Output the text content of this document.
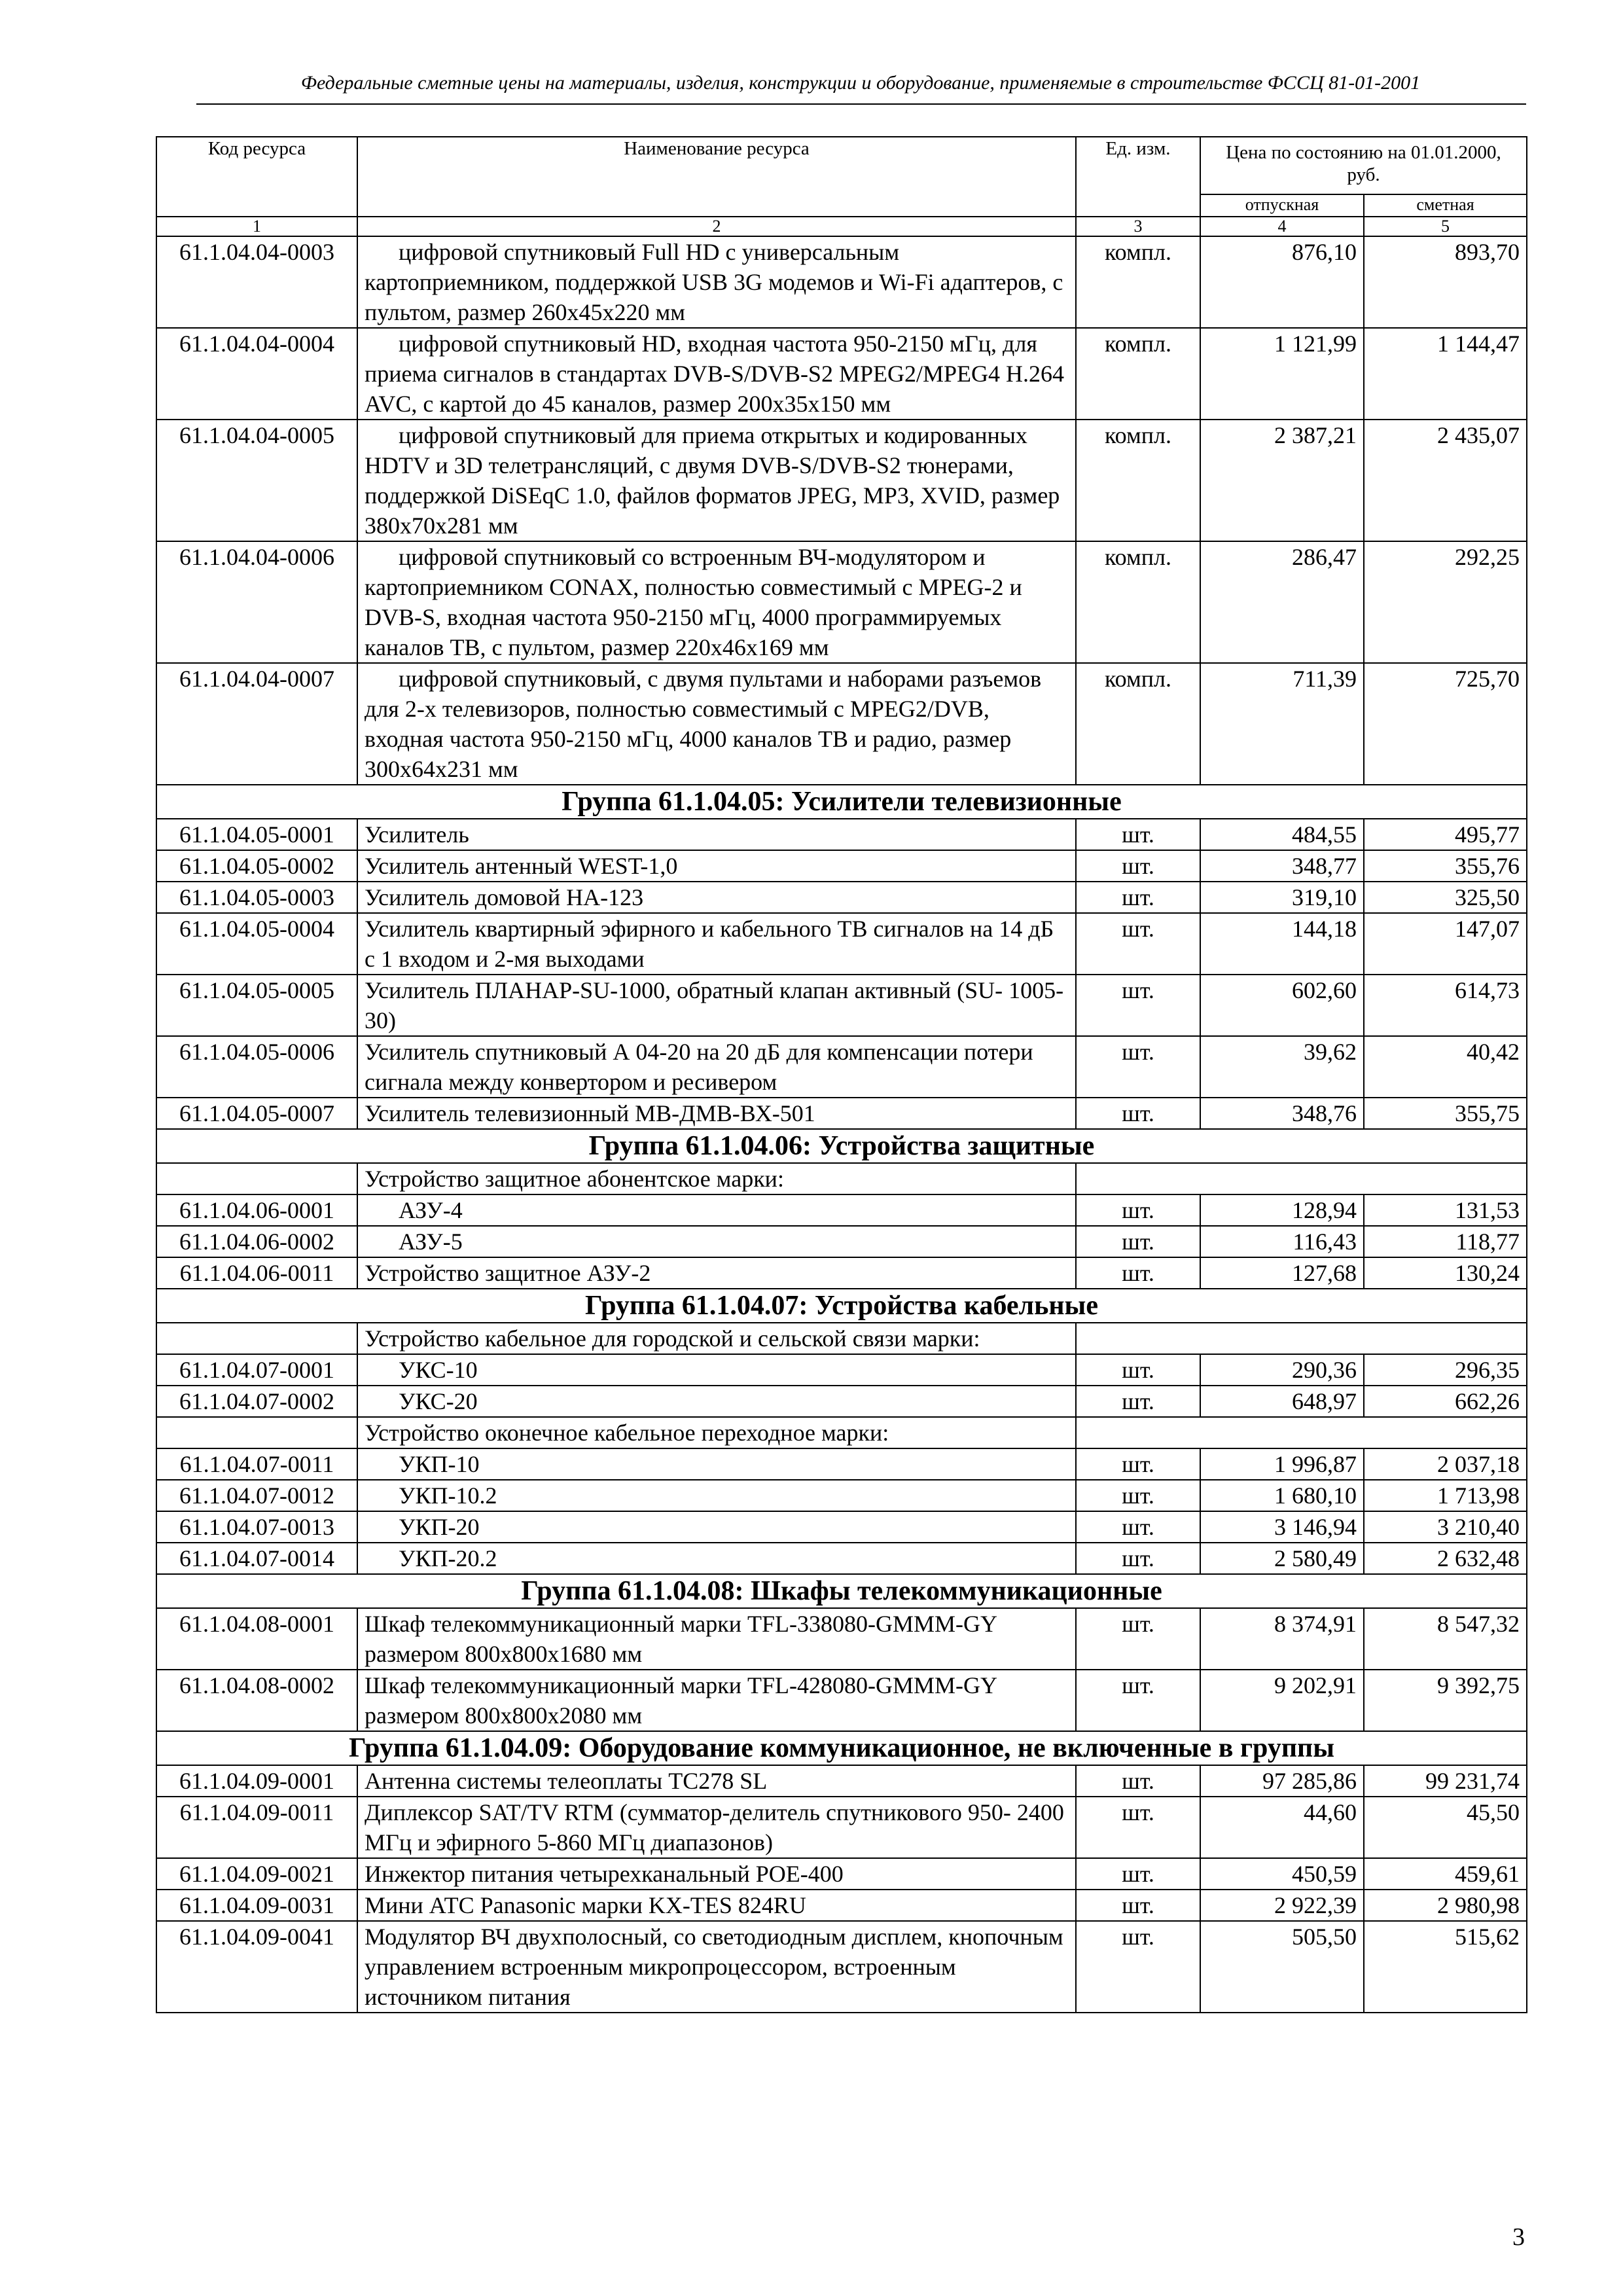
Федеральные сметные цены на материалы, изделия, конструкции и оборудование, применяемые в строительстве ФССЦ 81-01-2001
Код ресурса	Наименование ресурса	Ед. изм.	Цена по состоянию на 01.01.2000, руб.	
			отпускная	сметная
1	2	3	4	5
61.1.04.04-0003	цифровой спутниковый Full HD с универсальным картоприемником, поддержкой USB 3G модемов и Wi-Fi адаптеров, с пультом, размер 260х45х220 мм	компл.	876,10	893,70
61.1.04.04-0004	цифровой спутниковый HD, входная частота 950-2150 мГц, для приема сигналов в стандартах DVB-S/DVB-S2 MPEG2/MPEG4 H.264 AVC, с картой до 45 каналов, размер 200х35х150 мм	компл.	1 121,99	1 144,47
61.1.04.04-0005	цифровой спутниковый для приема открытых и кодированных HDTV и 3D телетрансляций, с двумя DVB-S/DVB-S2 тюнерами, поддержкой DiSEqC 1.0, файлов форматов JPEG, MP3, XVID, размер 380х70х281 мм	компл.	2 387,21	2 435,07
61.1.04.04-0006	цифровой спутниковый со встроенным ВЧ-модулятором и картоприемником CONAX, полностью совместимый с MPEG-2 и DVB-S, входная частота 950-2150 мГц, 4000 программируемых каналов ТВ, с пультом, размер 220х46х169 мм	компл.	286,47	292,25
61.1.04.04-0007	цифровой спутниковый, с двумя пультами и наборами разъемов для 2-х телевизоров, полностью совместимый с MPEG2/DVB, входная частота 950-2150 мГц, 4000 каналов ТВ и радио, размер 300х64х231 мм	компл.	711,39	725,70
Группа 61.1.04.05: Усилители телевизионные				
61.1.04.05-0001	Усилитель	шт.	484,55	495,77
61.1.04.05-0002	Усилитель антенный WEST-1,0	шт.	348,77	355,76
61.1.04.05-0003	Усилитель домовой НА-123	шт.	319,10	325,50
61.1.04.05-0004	Усилитель квартирный эфирного и кабельного ТВ сигналов на 14 дБ с 1 входом и 2-мя выходами	шт.	144,18	147,07
61.1.04.05-0005	Усилитель ПЛАНАР-SU-1000, обратный клапан активный (SU- 1005-30)	шт.	602,60	614,73
61.1.04.05-0006	Усилитель спутниковый А 04-20 на 20 дБ для компенсации потери сигнала между конвертором и ресивером	шт.	39,62	40,42
61.1.04.05-0007	Усилитель телевизионный МВ-ДМВ-ВХ-501	шт.	348,76	355,75
Группа 61.1.04.06: Устройства защитные				
	Устройство защитное абонентское марки:			
61.1.04.06-0001	АЗУ-4	шт.	128,94	131,53
61.1.04.06-0002	АЗУ-5	шт.	116,43	118,77
61.1.04.06-0011	Устройство защитное АЗУ-2	шт.	127,68	130,24
Группа 61.1.04.07: Устройства кабельные				
	Устройство кабельное для городской и сельской связи марки:			
61.1.04.07-0001	УКС-10	шт.	290,36	296,35
61.1.04.07-0002	УКС-20	шт.	648,97	662,26
	Устройство оконечное кабельное переходное марки:			
61.1.04.07-0011	УКП-10	шт.	1 996,87	2 037,18
61.1.04.07-0012	УКП-10.2	шт.	1 680,10	1 713,98
61.1.04.07-0013	УКП-20	шт.	3 146,94	3 210,40
61.1.04.07-0014	УКП-20.2	шт.	2 580,49	2 632,48
Группа 61.1.04.08: Шкафы телекоммуникационные				
61.1.04.08-0001	Шкаф телекоммуникационный марки TFL-338080-GMMM-GY размером 800х800х1680 мм	шт.	8 374,91	8 547,32
61.1.04.08-0002	Шкаф телекоммуникационный марки TFL-428080-GMMM-GY размером 800х800х2080 мм	шт.	9 202,91	9 392,75
Группа 61.1.04.09: Оборудование коммуникационное, не включенные в группы				
61.1.04.09-0001	Антенна системы телеоплаты TC278 SL	шт.	97 285,86	99 231,74
61.1.04.09-0011	Диплексор SAT/TV RTM (сумматор-делитель спутникового 950- 2400 МГц и эфирного 5-860 МГц диапазонов)	шт.	44,60	45,50
61.1.04.09-0021	Инжектор питания четырехканальный POE-400	шт.	450,59	459,61
61.1.04.09-0031	Мини АТС Panasonic марки KX-TES 824RU	шт.	2 922,39	2 980,98
61.1.04.09-0041	Модулятор ВЧ двухполосный, со светодиодным дисплем, кнопочным управлением встроенным микропроцессором, встроенным источником питания	шт.	505,50	515,62
3
